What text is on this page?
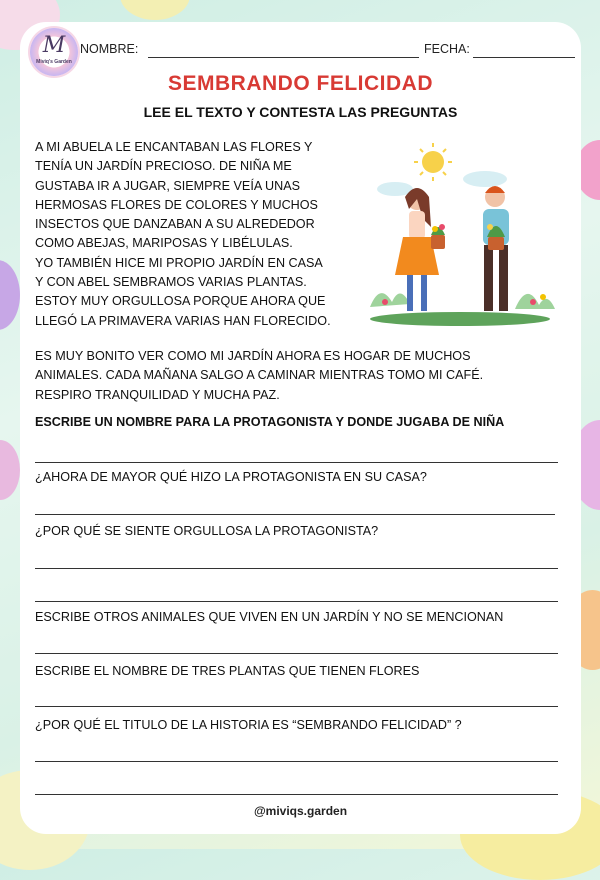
M
Miviq's Garden
NOMBRE:	FECHA:
SEMBRANDO FELICIDAD
LEE EL TEXTO Y CONTESTA LAS PREGUNTAS
A MI ABUELA LE ENCANTABAN LAS FLORES Y
TENÍA UN JARDÍN PRECIOSO. DE NIÑA ME
GUSTABA IR A JUGAR, SIEMPRE VEÍA UNAS
HERMOSAS FLORES DE COLORES Y MUCHOS
INSECTOS QUE DANZABAN A SU ALREDEDOR
COMO ABEJAS, MARIPOSAS Y LIBÉLULAS.
YO TAMBIÉN HICE MI PROPIO JARDÍN EN CASA
Y CON ABEL SEMBRAMOS VARIAS PLANTAS.
ESTOY MUY ORGULLOSA PORQUE AHORA QUE
LLEGÓ LA PRIMAVERA VARIAS HAN FLORECIDO.
ES MUY BONITO VER COMO MI JARDÍN AHORA ES HOGAR DE MUCHOS
ANIMALES. CADA MAÑANA SALGO A CAMINAR MIENTRAS TOMO MI CAFÉ.
RESPIRO TRANQUILIDAD Y MUCHA PAZ.
ESCRIBE UN NOMBRE PARA LA PROTAGONISTA Y DONDE JUGABA DE NIÑA
¿AHORA DE MAYOR QUÉ HIZO LA PROTAGONISTA EN SU CASA?
¿POR QUÉ SE SIENTE ORGULLOSA LA PROTAGONISTA?
ESCRIBE OTROS ANIMALES QUE VIVEN EN UN JARDÍN Y NO SE MENCIONAN
ESCRIBE EL NOMBRE DE TRES PLANTAS QUE TIENEN FLORES
¿POR QUÉ EL TITULO DE LA HISTORIA ES “SEMBRANDO FELICIDAD” ?
@miviqs.garden
